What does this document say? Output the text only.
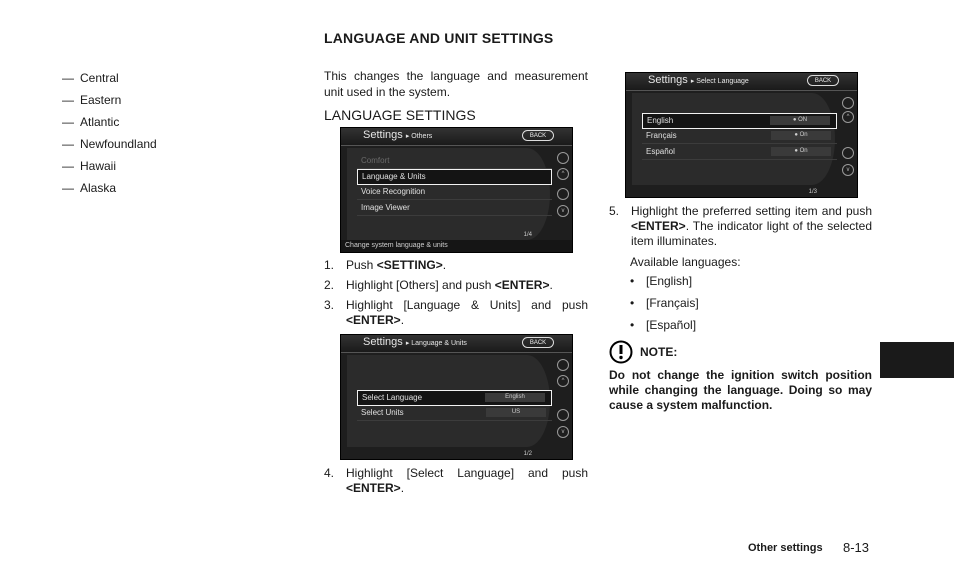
— Central
— Eastern
— Atlantic
— Newfoundland
— Hawaii
— Alaska
LANGUAGE AND UNIT SETTINGS
This changes the language and measurement unit used in the system.
LANGUAGE SETTINGS
Settings ▸ Others	BACK
Comfort
Language & Units
Voice Recognition
Image Viewer
^
v
1/4
Change system language & units
1. Push <SETTING>.
2. Highlight [Others] and push <ENTER>.
3. Highlight [Language & Units] and push <ENTER>.
Settings ▸ Language & Units	BACK
Select Language	English
Select Units	US
^
v
1/2
4. Highlight [Select Language] and push <ENTER>.
Settings ▸ Select Language	BACK
English	● ON
Français	● On
Español	● On
^
v
1/3
5. Highlight the preferred setting item and push <ENTER>. The indicator light of the selected item illuminates.
Available languages:
• [English]
• [Français]
• [Español]
NOTE:
Do not change the ignition switch position while changing the language. Doing so may cause a system malfunction.
Other settings 8-13
